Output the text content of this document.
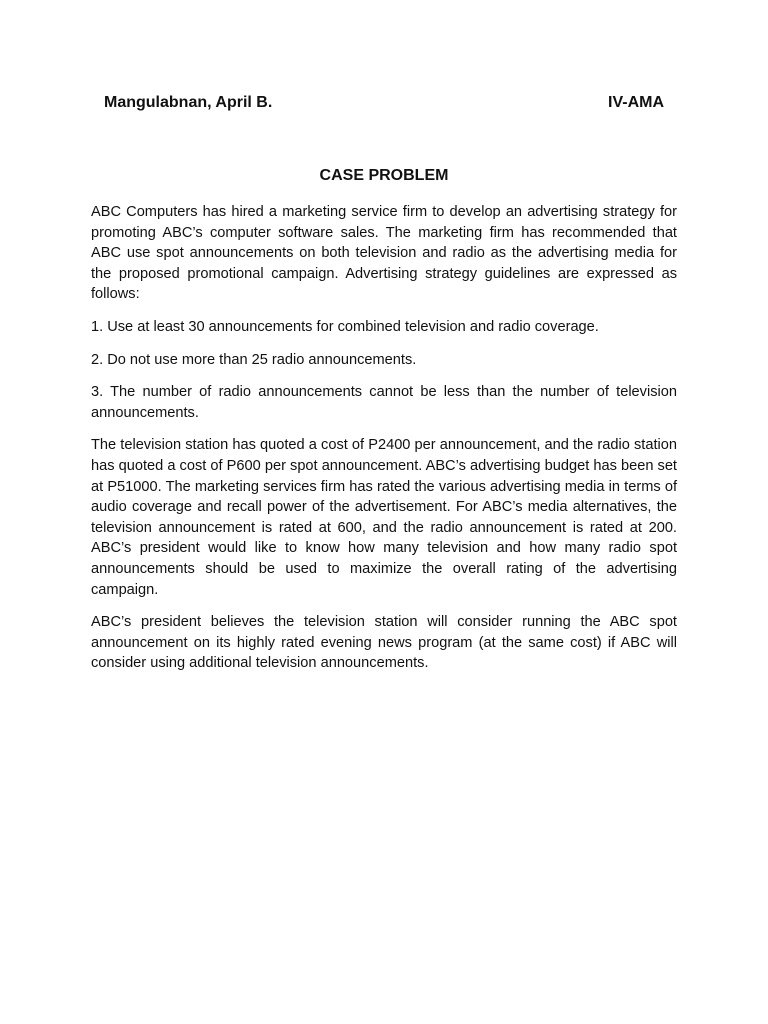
Mangulabnan, April B.	IV-AMA
CASE PROBLEM

ABC Computers has hired a marketing service firm to develop an advertising strategy for promoting ABC’s computer software sales. The marketing firm has recommended that ABC use spot announcements on both television and radio as the advertising media for the proposed promotional campaign. Advertising strategy guidelines are expressed as follows:

1. Use at least 30 announcements for combined television and radio coverage.

2. Do not use more than 25 radio announcements.

3. The number of radio announcements cannot be less than the number of television announcements.

The television station has quoted a cost of P2400 per announcement, and the radio station has quoted a cost of P600 per spot announcement. ABC’s advertising budget has been set at P51000. The marketing services firm has rated the various advertising media in terms of audio coverage and recall power of the advertisement. For ABC’s media alternatives, the television announcement is rated at 600, and the radio announcement is rated at 200. ABC’s president would like to know how many television and how many radio spot announcements should be used to maximize the overall rating of the advertising campaign.

ABC’s president believes the television station will consider running the ABC spot announcement on its highly rated evening news program (at the same cost) if ABC will consider using additional television announcements.
